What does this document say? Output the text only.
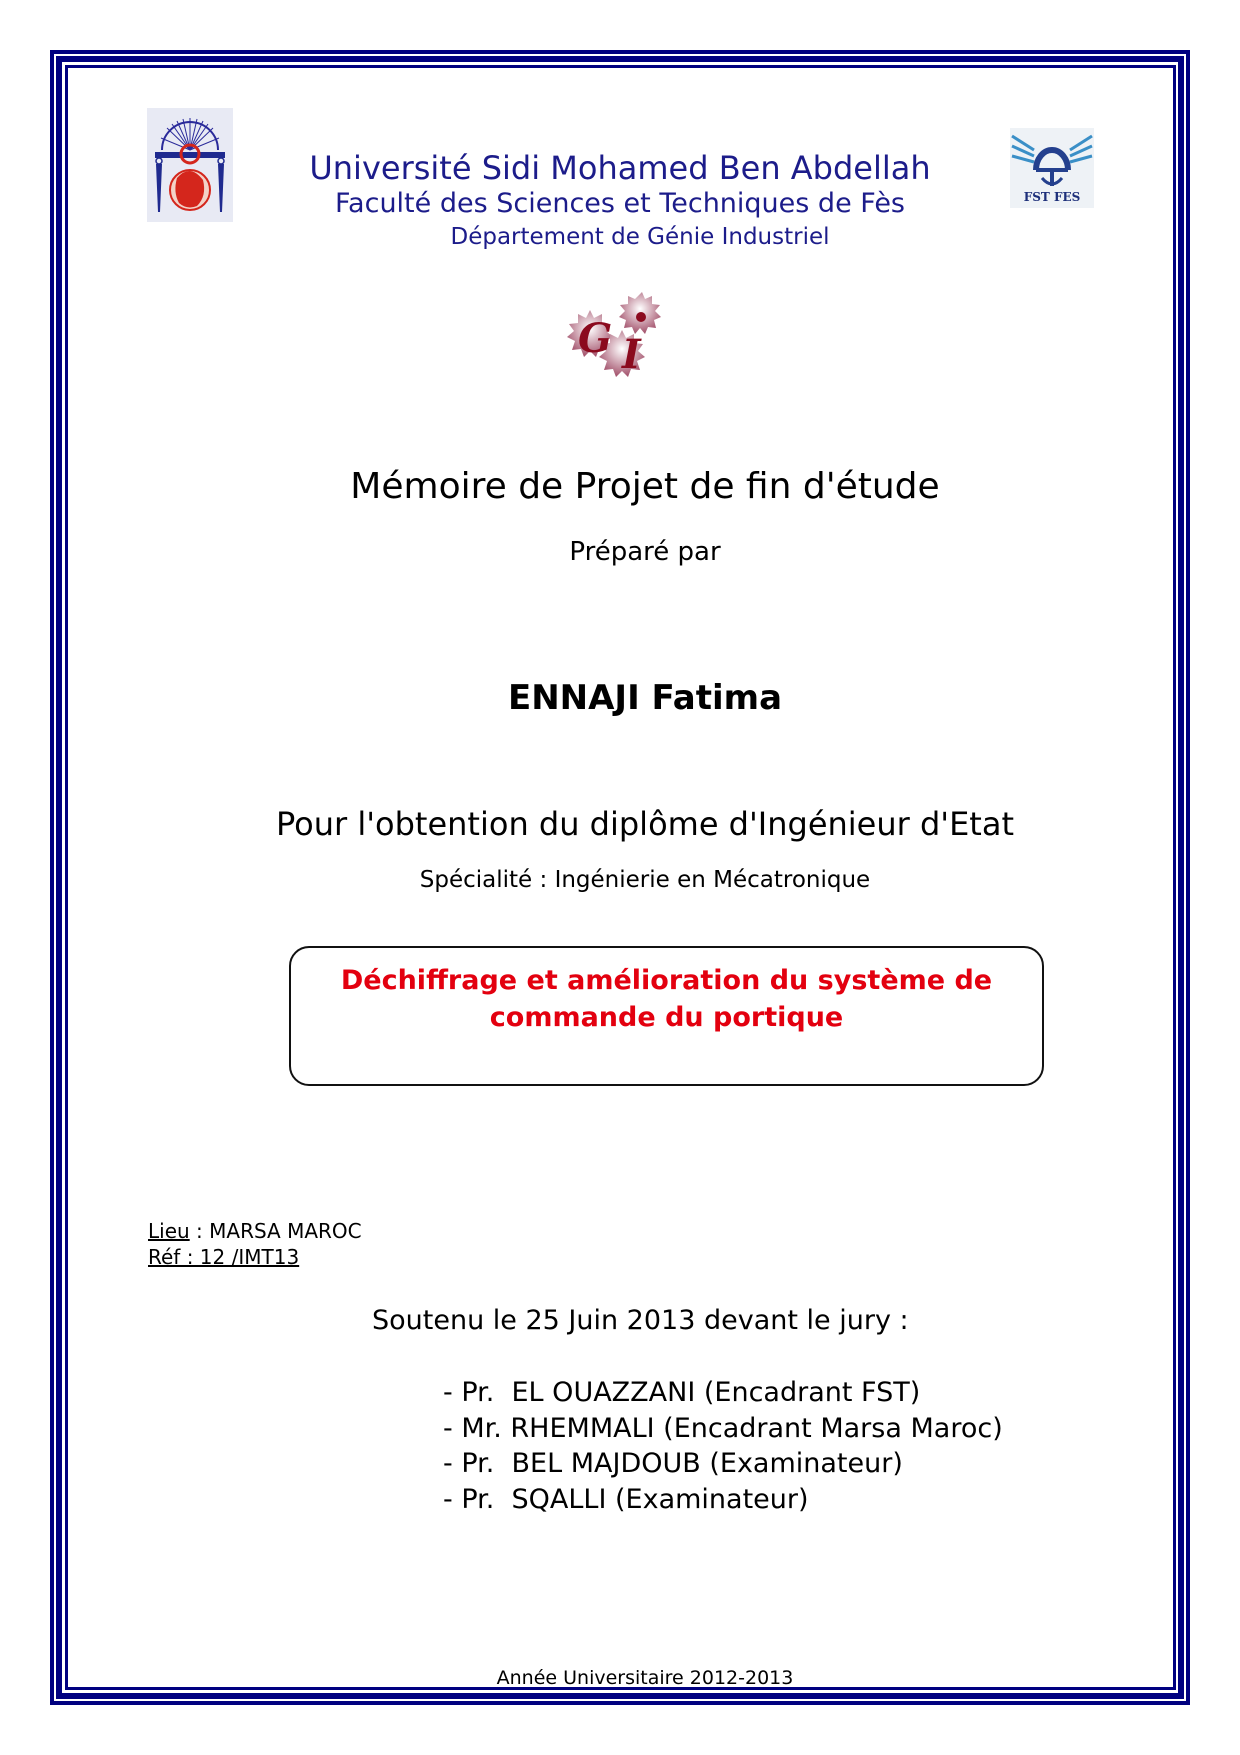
FST FES
Université Sidi Mohamed Ben Abdellah
Faculté des Sciences et Techniques de Fès
Département de Génie Industriel
G I
Mémoire de Projet de fin d'étude
Préparé par
ENNAJI Fatima
Pour l'obtention du diplôme d'Ingénieur d'Etat
Spécialité : Ingénierie en Mécatronique
Déchiffrage et amélioration du système de
commande du portique
Lieu : MARSA MAROC
Réf : 12 /IMT13
Soutenu le 25 Juin 2013 devant le jury :
- Pr.  EL OUAZZANI (Encadrant FST)
- Mr. RHEMMALI (Encadrant Marsa Maroc)
- Pr.  BEL MAJDOUB (Examinateur)
- Pr.  SQALLI (Examinateur)
Année Universitaire 2012-2013
